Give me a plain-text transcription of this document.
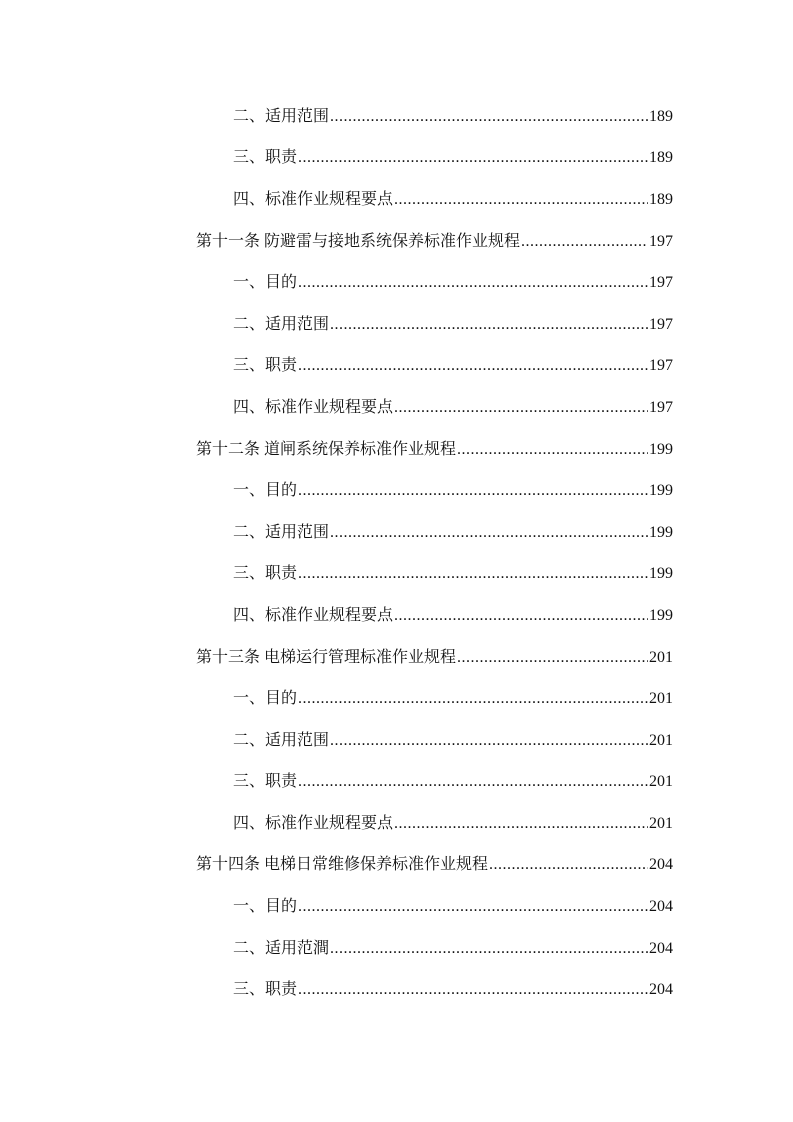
二、适用范围 .....	189
三、职责 .....	189
四、标准作业规程要点 .....	189
第十一条 防避雷与接地系统保养标准作业规程 .....	197
一、目的 .....	197
二、适用范围 .....	197
三、职责 .....	197
四、标准作业规程要点 .....	197
第十二条 道闸系统保养标准作业规程 .....	199
一、目的 .....	199
二、适用范围 .....	199
三、职责 .....	199
四、标准作业规程要点 .....	199
第十三条 电梯运行管理标准作业规程 .....	201
一、目的 .....	201
二、适用范围 .....	201
三、职责 .....	201
四、标准作业规程要点 .....	201
第十四条 电梯日常维修保养标准作业规程 .....	204
一、目的 .....	204
二、适用范澗 .....	204
三、职责 .....	204
